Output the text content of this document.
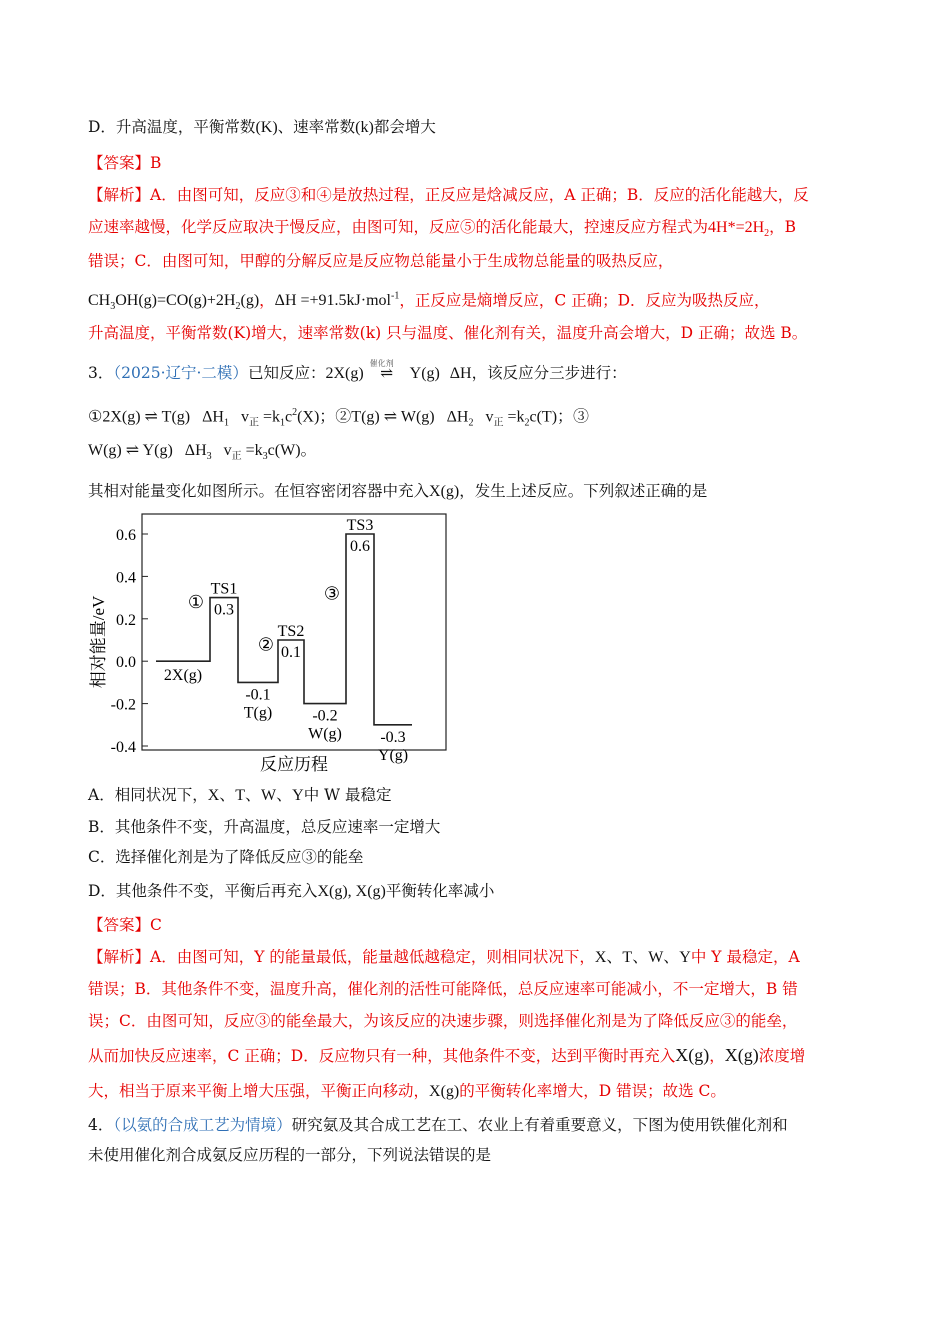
D．升高温度，平衡常数(K)、速率常数(k)都会增大
【答案】B
【解析】A．由图可知，反应③和④是放热过程，正反应是焓减反应，A 正确；B．反应的活化能越大，反
应速率越慢，化学反应取决于慢反应，由图可知，反应⑤的活化能最大，控速反应方程式为$4H*=2H_2$，B
错误；C．由图可知，甲醇的分解反应是反应物总能量小于生成物总能量的吸热反应，
$CH_3OH(g)=CO(g)+2H_2(g)$，ΔH =+91.5kJ·mol$^{-1}$，正反应是熵增反应，C 正确；D．反应为吸热反应，
升高温度，平衡常数(K)增大，速率常数(k) 只与温度、催化剂有关，温度升高会增大，D 正确；故选 B。
3．（2025·辽宁·二模）已知反应：2X(g)
催化剂
⇌ Y(g) ΔH，该反应分三步进行：
①2X(g) ⇌ T(g)   $\Delta H_1$   $v_正 =k_1c^2(X)$；②T(g) ⇌ W(g)   $\Delta H_2$   $v_正 =k_2c(T)$；③
W(g) ⇌ Y(g)   $\Delta H_3$   $v_正 =k_3c(W)$。
其相对能量变化如图所示。在恒容密闭容器中充入X(g)，发生上述反应。下列叙述正确的是
0.6
0.4
0.2
0.0
-0.2
-0.4
2X(g)
0.3
TS1
-0.1
T(g)
0.1
TS2
-0.2
W(g)
0.6
TS3
-0.3
Y(g)
①
②
③
相对能量/eV
反应历程
A．相同状况下，X、T、W、Y中 W 最稳定
B．其他条件不变，升高温度，总反应速率一定增大
C．选择催化剂是为了降低反应③的能垒
D．其他条件不变，平衡后再充入X(g), X(g)平衡转化率减小
【答案】C
【解析】A．由图可知，Y 的能量最低，能量越低越稳定，则相同状况下，X、T、W、Y中 Y 最稳定，A
错误；B．其他条件不变，温度升高，催化剂的活性可能降低，总反应速率可能减小，不一定增大，B 错
误；C．由图可知，反应③的能垒最大，为该反应的决速步骤，则选择催化剂是为了降低反应③的能垒，
从而加快反应速率，C 正确；D．反应物只有一种，其他条件不变，达到平衡时再充入X(g)，X(g)浓度增
大，相当于原来平衡上增大压强，平衡正向移动，X(g)的平衡转化率增大，D 错误；故选 C。
4．（以氨的合成工艺为情境）研究氨及其合成工艺在工、农业上有着重要意义，下图为使用铁催化剂和
未使用催化剂合成氨反应历程的一部分，下列说法错误的是
